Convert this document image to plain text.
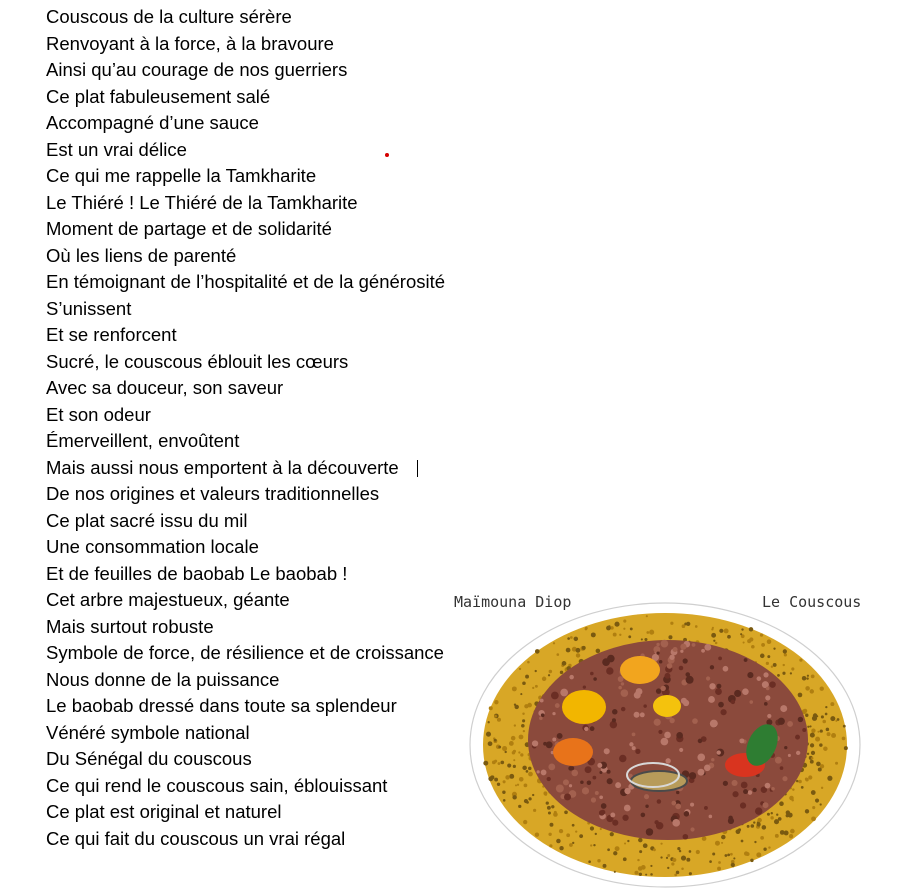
Couscous de la culture sérère
Renvoyant à la force, à la bravoure
Ainsi qu’au courage de nos guerriers
Ce plat fabuleusement salé
Accompagné d’une sauce
Est un vrai délice
Ce qui me rappelle la Tamkharite
Le Thiéré ! Le Thiéré de la Tamkharite
Moment de partage et de solidarité
Où les liens de parenté
En témoignant de l’hospitalité et de la générosité
S’unissent
Et se renforcent
Sucré, le couscous éblouit les cœurs
Avec sa douceur, son saveur
Et son odeur
Émerveillent, envoûtent
Mais aussi nous emportent à la découverte
De nos origines et valeurs traditionnelles
Ce plat sacré issu du mil
Une consommation locale
Et de feuilles de baobab Le baobab !
Cet arbre majestueux, géante
Mais surtout robuste
Symbole de force, de résilience et de croissance
Nous donne de la puissance
Le baobab dressé dans toute sa splendeur
Vénéré symbole national
Du Sénégal du couscous
Ce qui rend le couscous sain, éblouissant
Ce plat est original et naturel
Ce qui fait du couscous un vrai régal
Maïmouna Diop	Le Couscous
